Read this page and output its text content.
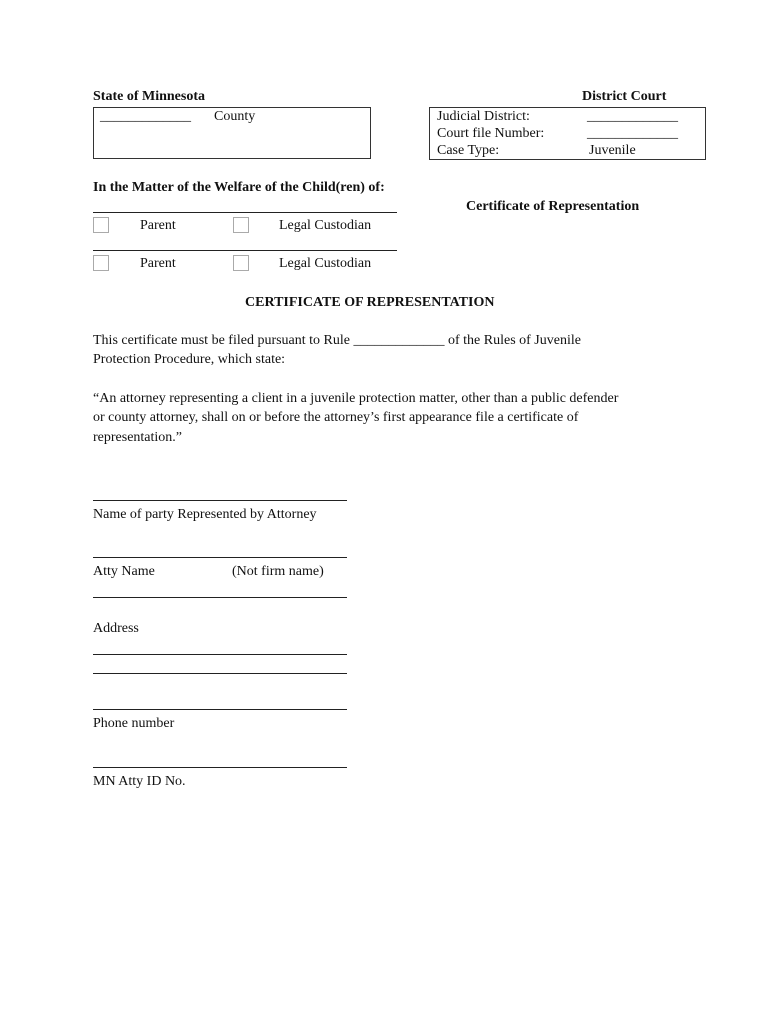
State of Minnesota	District Court
_____________ County	Judicial District:	_____________
Court file Number:	_____________
Case Type:	Juvenile
In the Matter of the Welfare of the Child(ren) of:
Certificate of Representation
Parent	Legal Custodian
Parent	Legal Custodian
CERTIFICATE OF REPRESENTATION
This certificate must be filed pursuant to Rule _____________ of the Rules of Juvenile
Protection Procedure, which state:
“An attorney representing a client in a juvenile protection matter, other than a public defender
or county attorney, shall on or before the attorney’s first appearance file a certificate of
representation.”
Name of party Represented by Attorney
Atty Name	(Not firm name)
Address
Phone number
MN Atty ID No.
